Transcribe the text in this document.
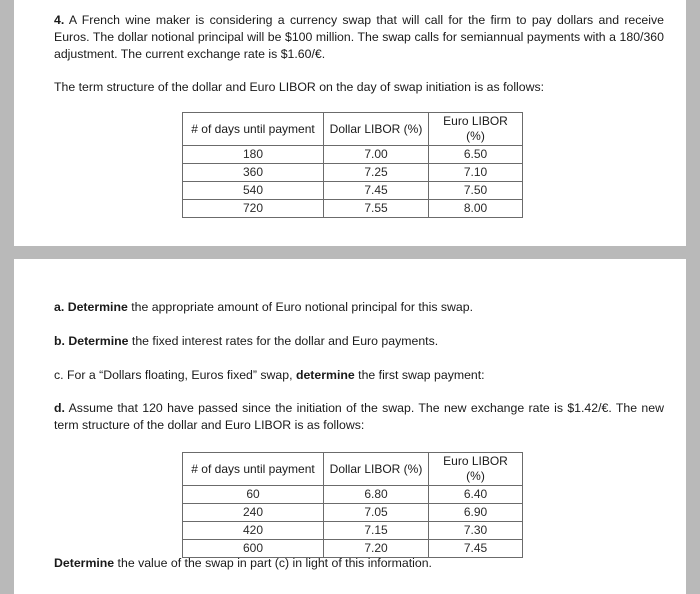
4. A French wine maker is considering a currency swap that will call for the firm to pay dollars and receive Euros. The dollar notional principal will be $100 million. The swap calls for semiannual payments with a 180/360 adjustment. The current exchange rate is $1.60/€.

The term structure of the dollar and Euro LIBOR on the day of swap initiation is as follows:

# of days until payment	Dollar LIBOR (%)	Euro LIBOR (%)
180	7.00	6.50
360	7.25	7.10
540	7.45	7.50
720	7.55	8.00

a. Determine the appropriate amount of Euro notional principal for this swap.

b. Determine the fixed interest rates for the dollar and Euro payments.

c. For a “Dollars floating, Euros fixed” swap, determine the first swap payment:

d. Assume that 120 have passed since the initiation of the swap. The new exchange rate is $1.42/€. The new term structure of the dollar and Euro LIBOR is as follows:

# of days until payment	Dollar LIBOR (%)	Euro LIBOR (%)
60	6.80	6.40
240	7.05	6.90
420	7.15	7.30
600	7.20	7.45

Determine the value of the swap in part (c) in light of this information.
